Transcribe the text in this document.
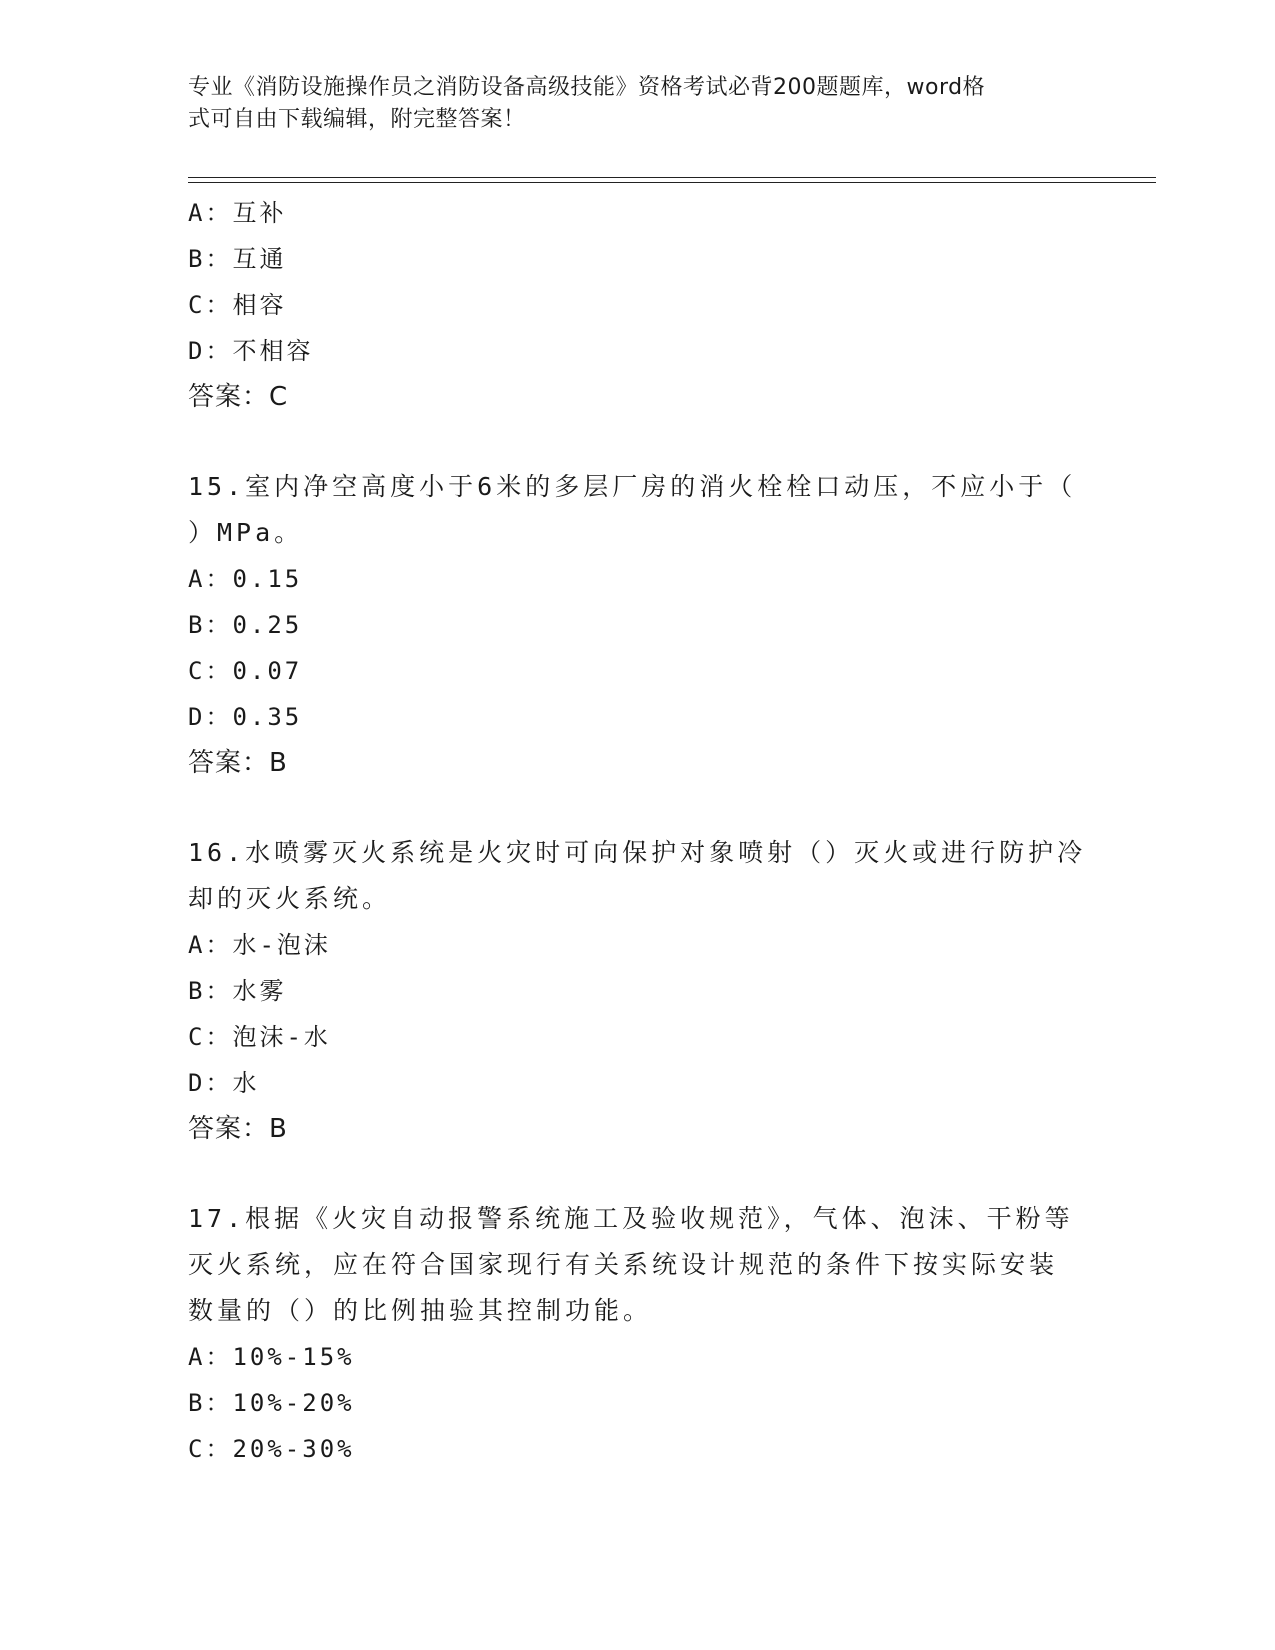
专业《消防设施操作员之消防设备高级技能》资格考试必背200题题库，word格
式可自由下载编辑，附完整答案！
A：互补
B：互通
C：相容
D：不相容
答案：C
15.室内净空高度小于6米的多层厂房的消火栓栓口动压，不应小于（
）MPa。
A：0.15
B：0.25
C：0.07
D：0.35
答案：B
16.水喷雾灭火系统是火灾时可向保护对象喷射（）灭火或进行防护冷
却的灭火系统。
A：水-泡沫
B：水雾
C：泡沫-水
D：水
答案：B
17.根据《火灾自动报警系统施工及验收规范》，气体、泡沫、干粉等
灭火系统，应在符合国家现行有关系统设计规范的条件下按实际安装
数量的（）的比例抽验其控制功能。
A：10%-15%
B：10%-20%
C：20%-30%
